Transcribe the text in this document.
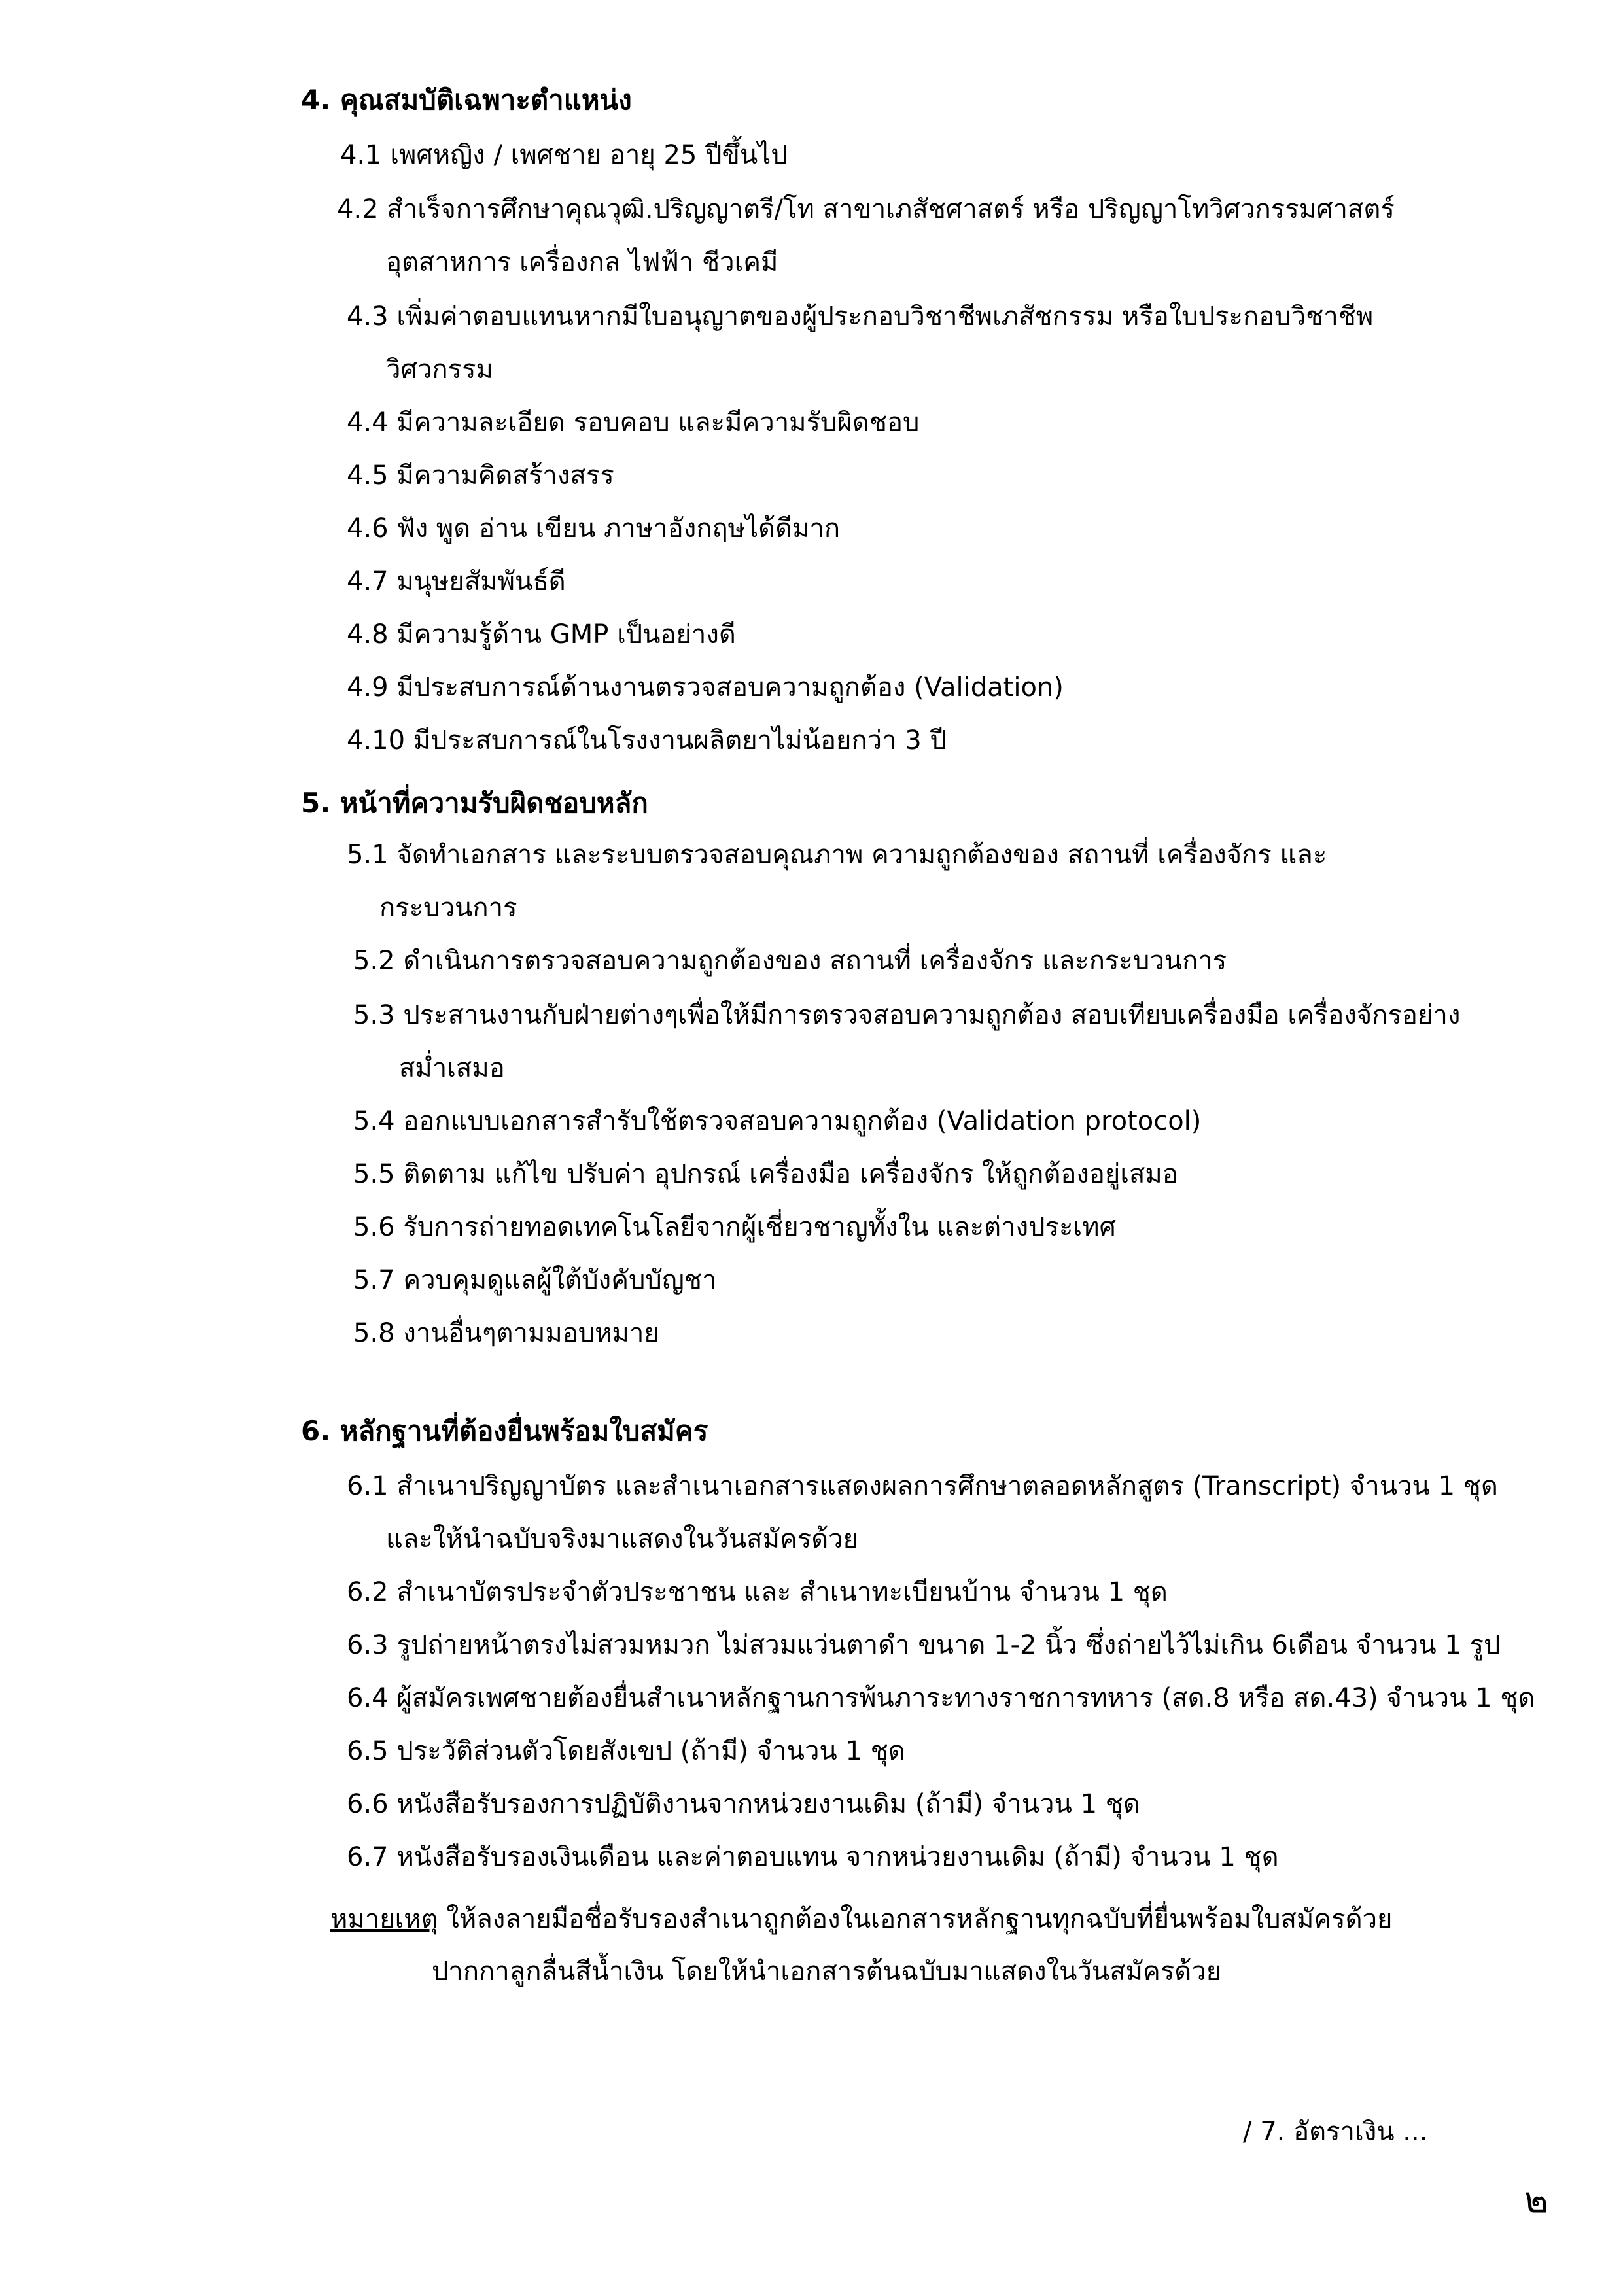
4. คุณสมบัติเฉพาะตำแหน่ง
5. หน้าที่ความรับผิดชอบหลัก
6. หลักฐานที่ต้องยื่นพร้อมใบสมัคร
4.1 เพศหญิง / เพศชาย อายุ 25 ปีขึ้นไป
4.2 สำเร็จการศึกษาคุณวุฒิ.ปริญญาตรี/โท สาขาเภสัชศาสตร์ หรือ ปริญญาโทวิศวกรรมศาสตร์
อุตสาหการ เครื่องกล ไฟฟ้า ชีวเคมี
4.3 เพิ่มค่าตอบแทนหากมีใบอนุญาตของผู้ประกอบวิชาชีพเภสัชกรรม หรือใบประกอบวิชาชีพ
วิศวกรรม
4.4 มีความละเอียด รอบคอบ และมีความรับผิดชอบ
4.5 มีความคิดสร้างสรร
4.6 ฟัง พูด อ่าน เขียน ภาษาอังกฤษได้ดีมาก
4.7 มนุษยสัมพันธ์ดี
4.8 มีความรู้ด้าน GMP เป็นอย่างดี
4.9 มีประสบการณ์ด้านงานตรวจสอบความถูกต้อง (Validation)
4.10 มีประสบการณ์ในโรงงานผลิตยาไม่น้อยกว่า 3 ปี
5.1 จัดทำเอกสาร และระบบตรวจสอบคุณภาพ ความถูกต้องของ สถานที่ เครื่องจักร และ
กระบวนการ
5.2 ดำเนินการตรวจสอบความถูกต้องของ สถานที่ เครื่องจักร และกระบวนการ
5.3 ประสานงานกับฝ่ายต่างๆเพื่อให้มีการตรวจสอบความถูกต้อง สอบเทียบเครื่องมือ เครื่องจักรอย่าง
สม่ำเสมอ
5.4 ออกแบบเอกสารสำรับใช้ตรวจสอบความถูกต้อง (Validation protocol)
5.5 ติดตาม แก้ไข ปรับค่า อุปกรณ์ เครื่องมือ เครื่องจักร ให้ถูกต้องอยู่เสมอ
5.6 รับการถ่ายทอดเทคโนโลยีจากผู้เชี่ยวชาญทั้งใน และต่างประเทศ
5.7 ควบคุมดูแลผู้ใต้บังคับบัญชา
5.8 งานอื่นๆตามมอบหมาย
6.1 สำเนาปริญญาบัตร และสำเนาเอกสารแสดงผลการศึกษาตลอดหลักสูตร (Transcript) จำนวน 1 ชุด
และให้นำฉบับจริงมาแสดงในวันสมัครด้วย
6.2 สำเนาบัตรประจำตัวประชาชน และ สำเนาทะเบียนบ้าน จำนวน 1 ชุด
6.3 รูปถ่ายหน้าตรงไม่สวมหมวก ไม่สวมแว่นตาดำ ขนาด 1-2 นิ้ว ซึ่งถ่ายไว้ไม่เกิน 6เดือน จำนวน 1 รูป
6.4 ผู้สมัครเพศชายต้องยื่นสำเนาหลักฐานการพ้นภาระทางราชการทหาร (สด.8 หรือ สด.43) จำนวน 1 ชุด
6.5 ประวัติส่วนตัวโดยสังเขป (ถ้ามี) จำนวน 1 ชุด
6.6 หนังสือรับรองการปฏิบัติงานจากหน่วยงานเดิม (ถ้ามี) จำนวน 1 ชุด
6.7 หนังสือรับรองเงินเดือน และค่าตอบแทน จากหน่วยงานเดิม (ถ้ามี) จำนวน 1 ชุด
หมายเหตุ ให้ลงลายมือชื่อรับรองสำเนาถูกต้องในเอกสารหลักฐานทุกฉบับที่ยื่นพร้อมใบสมัครด้วย
ปากกาลูกลื่นสีน้ำเงิน โดยให้นำเอกสารต้นฉบับมาแสดงในวันสมัครด้วย
/ 7. อัตราเงิน ...
๒
